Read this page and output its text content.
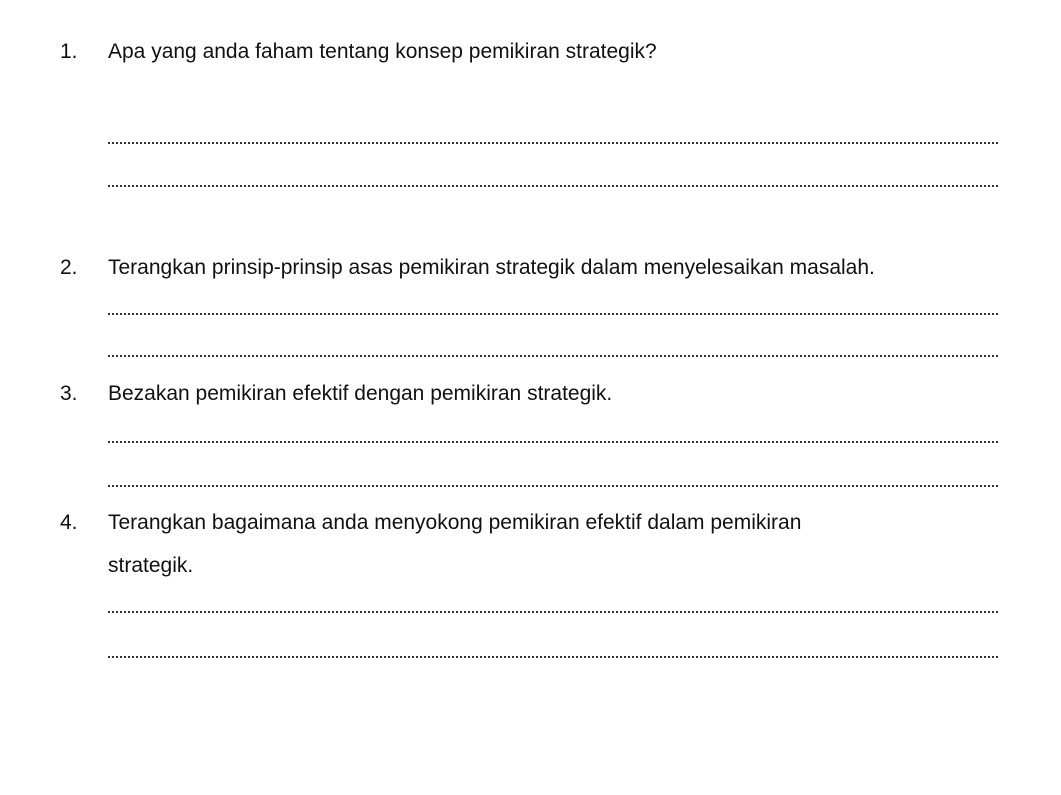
1. Apa yang anda faham tentang konsep pemikiran strategik?
2. Terangkan prinsip-prinsip asas pemikiran strategik dalam menyelesaikan masalah.
3. Bezakan pemikiran efektif dengan pemikiran strategik.
4. Terangkan bagaimana anda menyokong pemikiran efektif dalam pemikiran
strategik.
